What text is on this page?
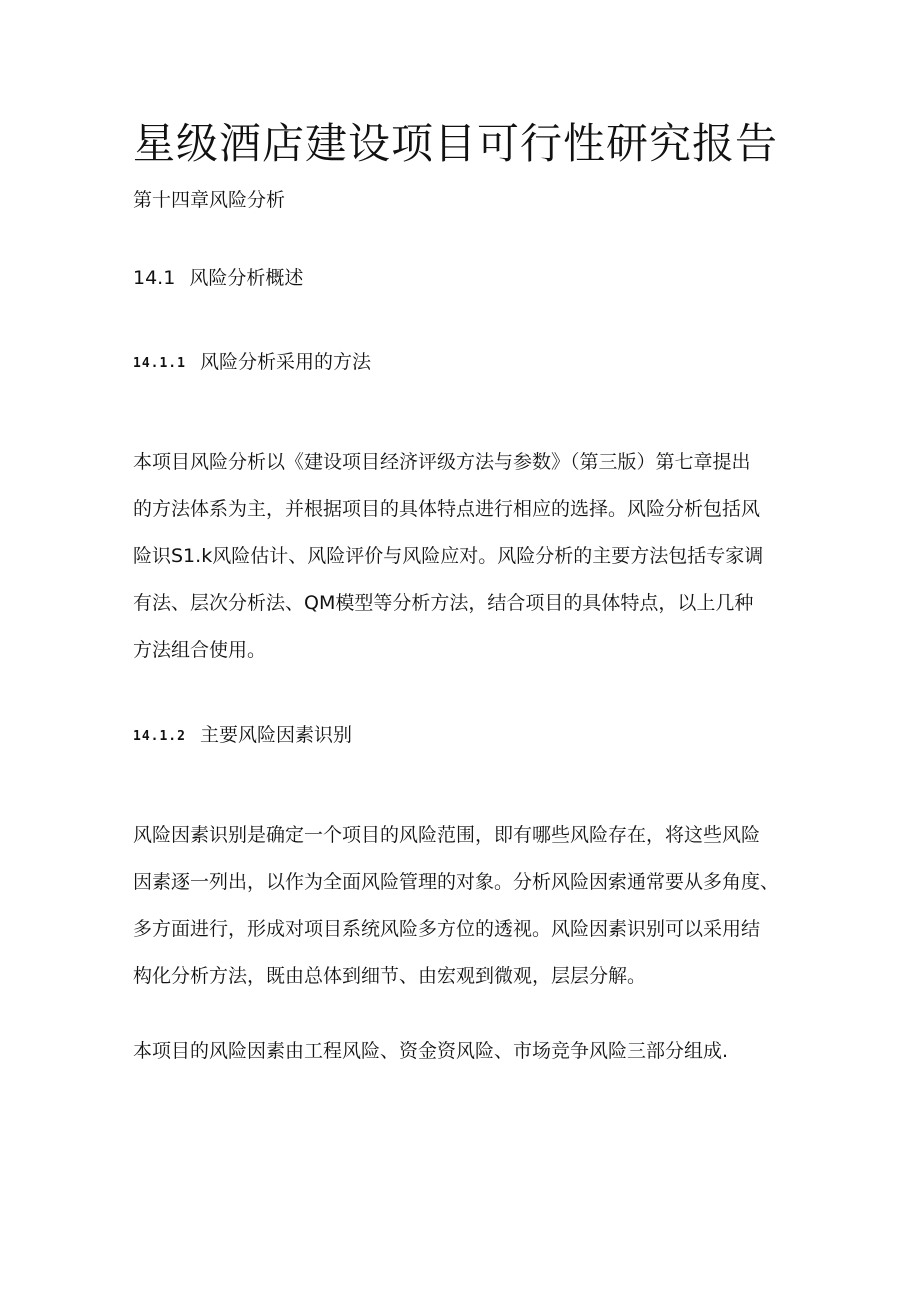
星级酒店建设项目可行性研究报告

第十四章风险分析

14.1 风险分析概述

14.1.1 风险分析采用的方法

本项目风险分析以《建设项目经济评级方法与参数》（第三版）第七章提出
的方法体系为主，并根据项目的具体特点进行相应的选择。风险分析包括风
险识S1.k风险估计、风险评价与风险应对。风险分析的主要方法包括专家调
有法、层次分析法、QM模型等分析方法，结合项目的具体特点，以上几种
方法组合使用。

14.1.2 主要风险因素识别

风险因素识别是确定一个项目的风险范围，即有哪些风险存在，将这些风险
因素逐一列出，以作为全面风险管理的对象。分析风险因索通常要从多角度、
多方面进行，形成对项目系统风险多方位的透视。风险因素识别可以采用结
构化分析方法，既由总体到细节、由宏观到微观，层层分解。
本项目的风险因素由工程风险、资金资风险、市场竞争风险三部分组成.
